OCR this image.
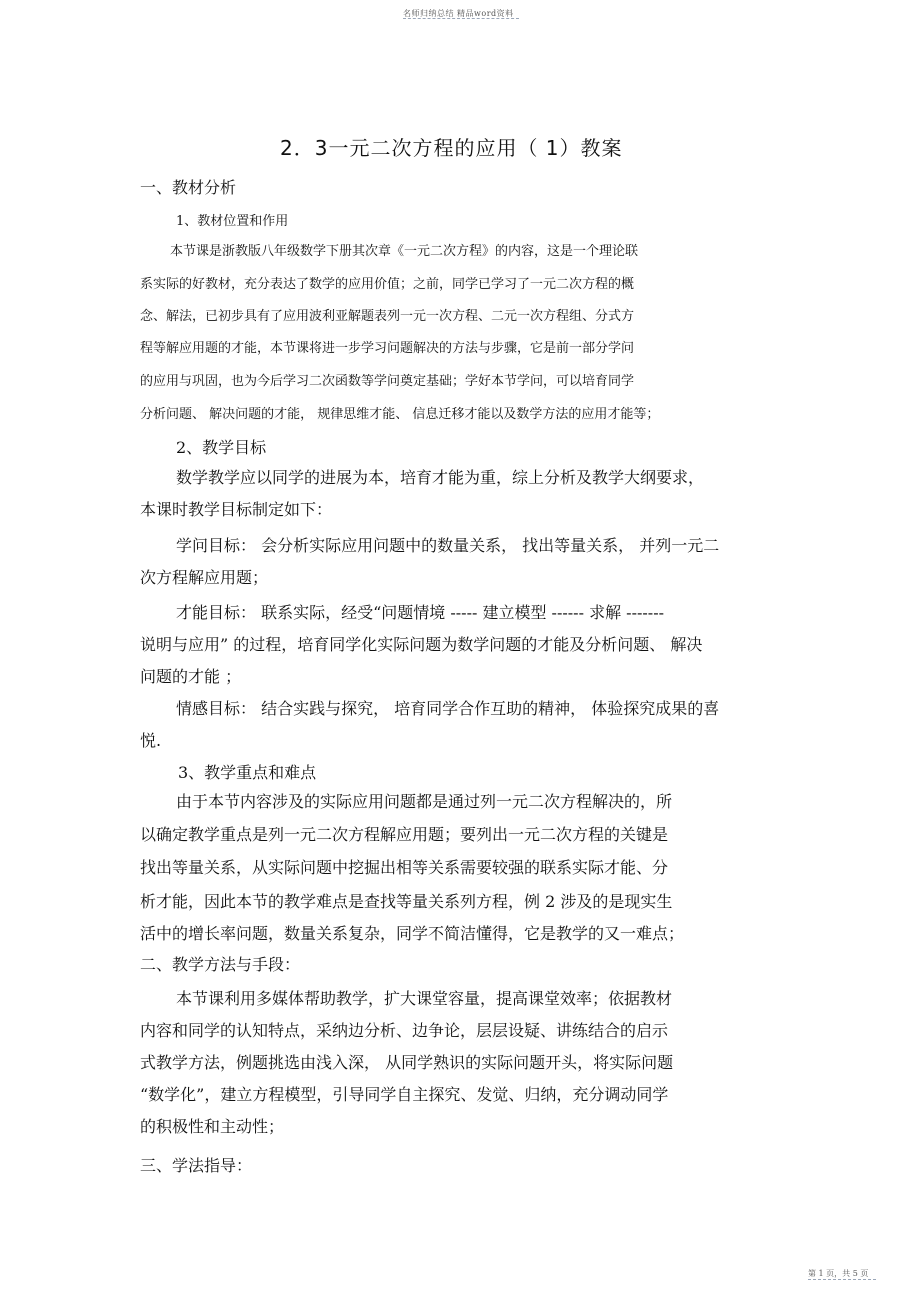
名师归纳总结 精品word资料
2．3一元二次方程的应用（ 1）教案
一、教材分析
1、教材位置和作用
本节课是浙教版八年级数学下册其次章《一元二次方程》的内容，这是一个理论联
系实际的好教材，充分表达了数学的应用价值；之前，同学已学习了一元二次方程的概
念、解法，已初步具有了应用波利亚解题表列一元一次方程、二元一次方程组、分式方
程等解应用题的才能，本节课将进一步学习问题解决的方法与步骤，它是前一部分学问
的应用与巩固，也为今后学习二次函数等学问奠定基础；学好本节学问，可以培育同学
分析问题、 解决问题的才能， 规律思维才能、 信息迁移才能以及数学方法的应用才能等；
2、教学目标
数学教学应以同学的进展为本，培育才能为重，综上分析及教学大纲要求，
本课时教学目标制定如下：
学问目标： 会分析实际应用问题中的数量关系， 找出等量关系， 并列一元二
次方程解应用题；
才能目标： 联系实际，经受“问题情境 ----- 建立模型 ------ 求解 -------
说明与应用” 的过程，培育同学化实际问题为数学问题的才能及分析问题、 解决
问题的才能 ；
情感目标： 结合实践与探究， 培育同学合作互助的精神， 体验探究成果的喜
悦.
3、教学重点和难点
由于本节内容涉及的实际应用问题都是通过列一元二次方程解决的，所
以确定教学重点是列一元二次方程解应用题；要列出一元二次方程的关键是
找出等量关系，从实际问题中挖掘出相等关系需要较强的联系实际才能、分
析才能，因此本节的教学难点是查找等量关系列方程，例 2 涉及的是现实生
活中的增长率问题，数量关系复杂，同学不简洁懂得，它是教学的又一难点；
二、教学方法与手段：
本节课利用多媒体帮助教学，扩大课堂容量，提高课堂效率；依据教材
内容和同学的认知特点，采纳边分析、边争论，层层设疑、讲练结合的启示
式教学方法，例题挑选由浅入深， 从同学熟识的实际问题开头，将实际问题
“数学化”，建立方程模型，引导同学自主探究、发觉、归纳，充分调动同学
的积极性和主动性；
三、学法指导：
第 1 页，共 5 页
